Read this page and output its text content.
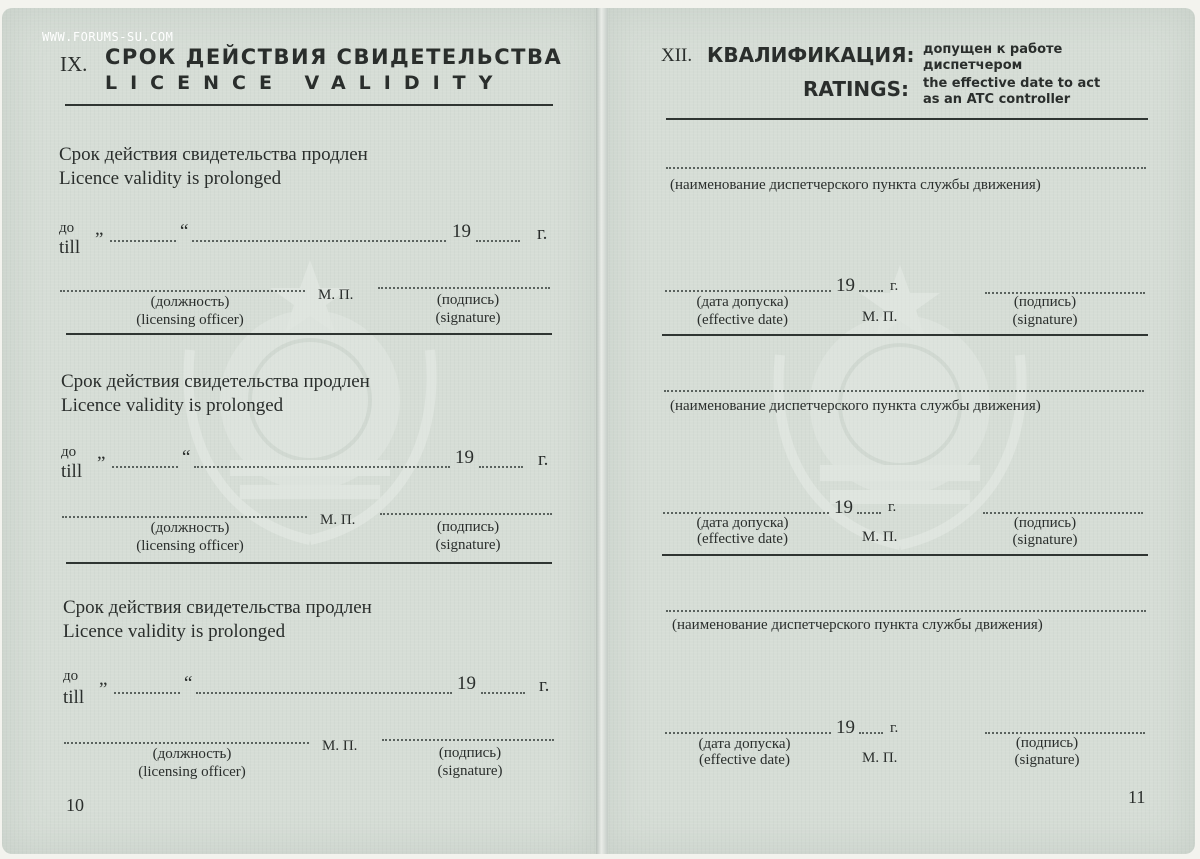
WWW.FORUMS-SU.COM
IX. СРОК ДЕЙСТВИЯ СВИДЕТЕЛЬСТВА
LICENCE VALIDITY
Срок действия свидетельства продлен
Licence validity is prolonged
до
till ”	“	19	г.
(должность)
(licensing officer)
М. П.	(подпись)
(signature)
Срок действия свидетельства продлен
Licence validity is prolonged
до
till ”	“	19	г.
(должность)
(licensing officer)
М. П.	(подпись)
(signature)
Срок действия свидетельства продлен
Licence validity is prolonged
до
till ”	“	19	г.
(должность)
(licensing officer)
М. П.	(подпись)
(signature)
10
XII. КВАЛИФИКАЦИЯ:
RATINGS:
допущен к работе
диспетчером
the effective date to act
as an ATC controller
(наименование диспетчерского пункта службы движения)
19 г.
(дата допуска)
(effective date)	М. П.
(подпись)
(signature)
(наименование диспетчерского пункта службы движения)
19 г.
(дата допуска)
(effective date)	М. П.
(подпись)
(signature)
(наименование диспетчерского пункта службы движения)
19 г.
(дата допуска)
(effective date)	М. П.
(подпись)
(signature)
11
